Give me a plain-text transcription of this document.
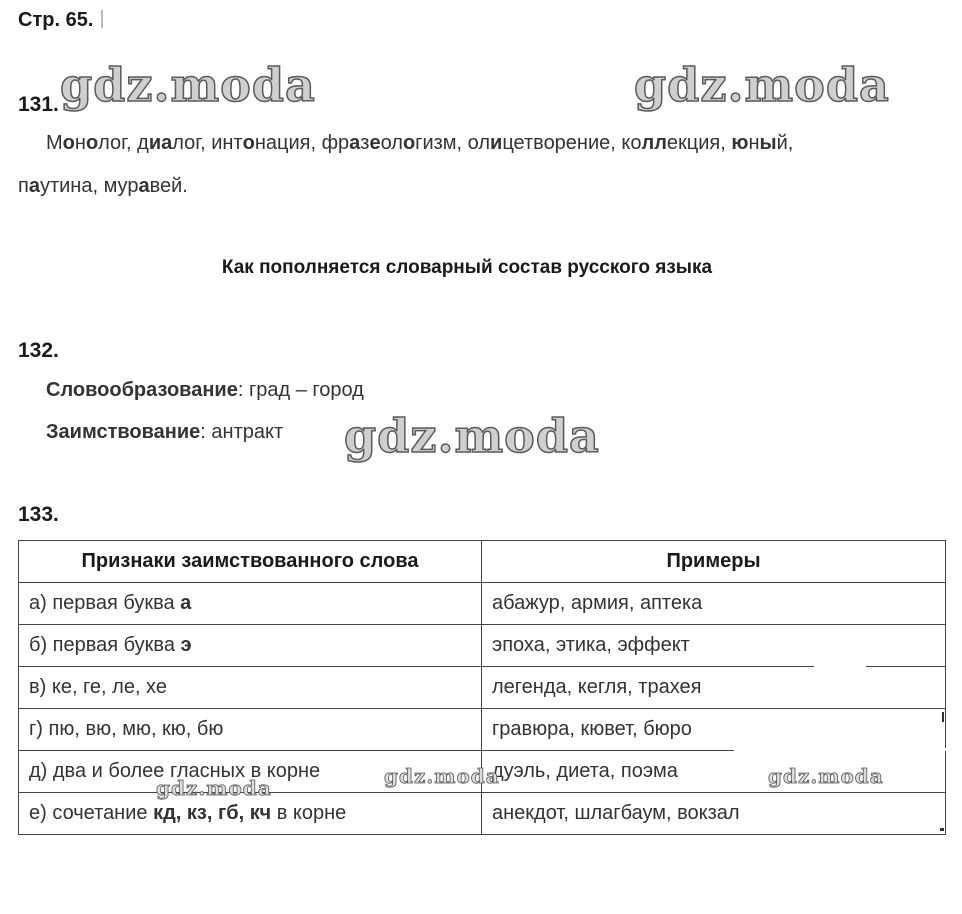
Стр. 65.
131.
Монолог, диалог, интонация, фразеологизм, олицетворение, коллекция, юный,
паутина, муравей.
Как пополняется словарный состав русского языка
132.
Словообразование: град – город
Заимствование: антракт
133.
Признаки заимствованного слова	Примеры
а) первая буква а	абажур, армия, аптека
б) первая буква э	эпоха, этика, эффект
в) ке, ге, ле, хе	легенда, кегля, трахея
г) пю, вю, мю, кю, бю	гравюра, кювет, бюро
д) два и более гласных в корне	дуэль, диета, поэма
е) сочетание кд, кз, гб, кч в корне	анекдот, шлагбаум, вокзал
gdz.moda	gdz.moda
gdz.moda
gdz.moda	gdz.moda	gdz.moda
